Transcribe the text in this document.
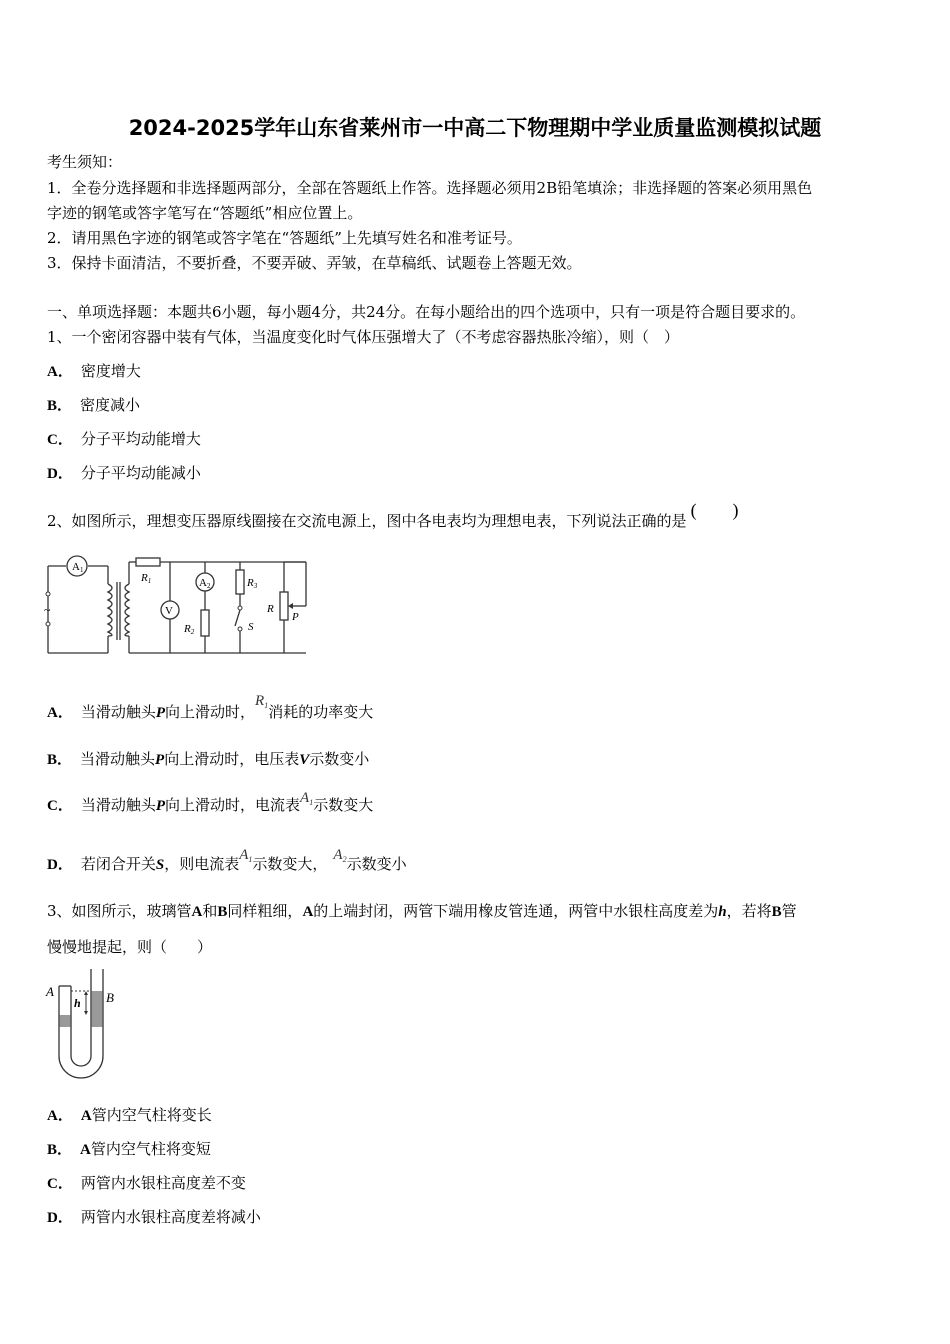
2024-2025学年山东省莱州市一中高二下物理期中学业质量监测模拟试题
考生须知：
1．全卷分选择题和非选择题两部分，全部在答题纸上作答。选择题必须用2B铅笔填涂；非选择题的答案必须用黑色
字迹的钢笔或答字笔写在“答题纸”相应位置上。
2．请用黑色字迹的钢笔或答字笔在“答题纸”上先填写姓名和准考证号。
3．保持卡面清洁，不要折叠，不要弄破、弄皱，在草稿纸、试题卷上答题无效。
一、单项选择题：本题共6小题，每小题4分，共24分。在每小题给出的四个选项中，只有一项是符合题目要求的。
1、一个密闭容器中装有气体，当温度变化时气体压强增大了（不考虑容器热胀冷缩），则（　）
A． 密度增大
B． 密度减小
C． 分子平均动能增大
D． 分子平均动能减小
2、如图所示，理想变压器原线圈接在交流电源上，图中各电表均为理想电表，下列说法正确的是(　　)
~
A1
V
A2
R1
R2
R3
R
P
S
A． 当滑动触头P向上滑动时，$R_1$消耗的功率变大
B． 当滑动触头P向上滑动时，电压表V示数变小
C． 当滑动触头P向上滑动时，电流表$A_1$示数变大
D． 若闭合开关S，则电流表$A_1$示数变大， $A_2$示数变小
3、如图所示，玻璃管A和B同样粗细，A的上端封闭，两管下端用橡皮管连通，两管中水银柱高度差为h，若将B管
慢慢地提起，则（　　）
A	B
h
A． A管内空气柱将变长
B． A管内空气柱将变短
C． 两管内水银柱高度差不变
D． 两管内水银柱高度差将减小
